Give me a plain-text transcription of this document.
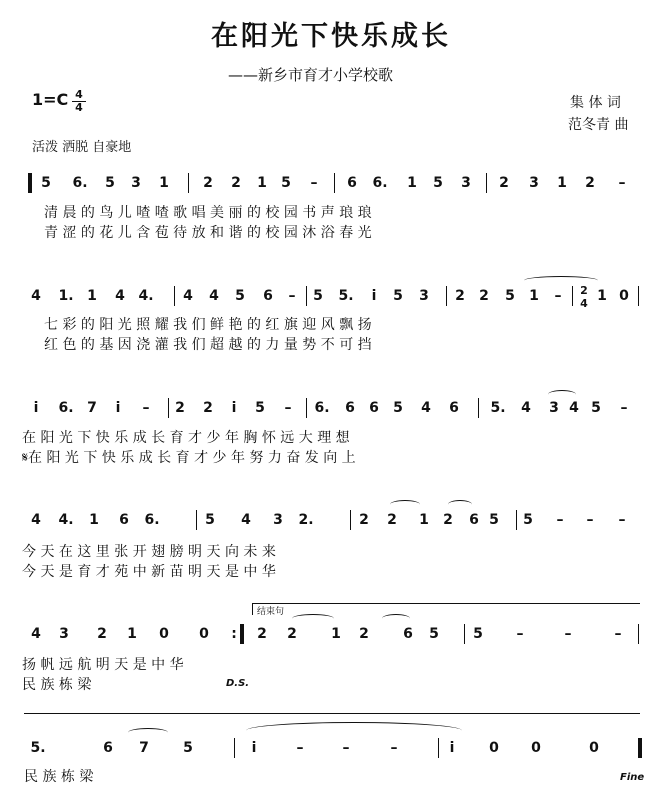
在阳光下快乐成长
——新乡市育才小学校歌
1=C 4
4	集 体 词
范冬青 曲
活泼 洒脱 自豪地
5 6. 5 3 1 2 2 1 5 – 6 6. 1 5 3 2 3 1 2 –
清 晨 的 鸟 儿 喳 喳 歌 唱 美 丽 的 校 园 书 声 琅 琅
青 涩 的 花 儿 含 苞 待 放 和 谐 的 校 园 沐 浴 春 光
4 1. 1 4 4. 4 4 5 6 – 5 5. i 5 3 2 2 5 1 – 2
4 1 0
七 彩 的 阳 光 照 耀 我 们 鲜 艳 的 红 旗 迎 风 飘 扬
红 色 的 基 因 浇 灌 我 们 超 越 的 力 量 势 不 可 挡
i 6. 7 i – 2 2 i 5 – 6. 6 6 5 4 6 5. 4 3 4 5 –
在 阳 光 下 快 乐 成 长 育 才 少 年 胸 怀 远 大 理 想
𝄋在 阳 光 下 快 乐 成 长 育 才 少 年 努 力 奋 发 向 上
4 4. 1 6 6.	5 4 3 2.	2 2 1 2 6 5 5 – – –
今 天 在 这 里 张 开 翅 膀 明 天 向 未 来
今 天 是 育 才 苑 中 新 苗 明 天 是 中 华
结束句
4 3 2 1 0 0 : 2 2 1 2 6 5 5 –	–	–
扬 帆 远 航 明 天 是 中 华
民 族 栋 梁	D.S.
5.	6 7 5	i	–	–	–	i 0 0	0
民 族 栋 梁	Fine
